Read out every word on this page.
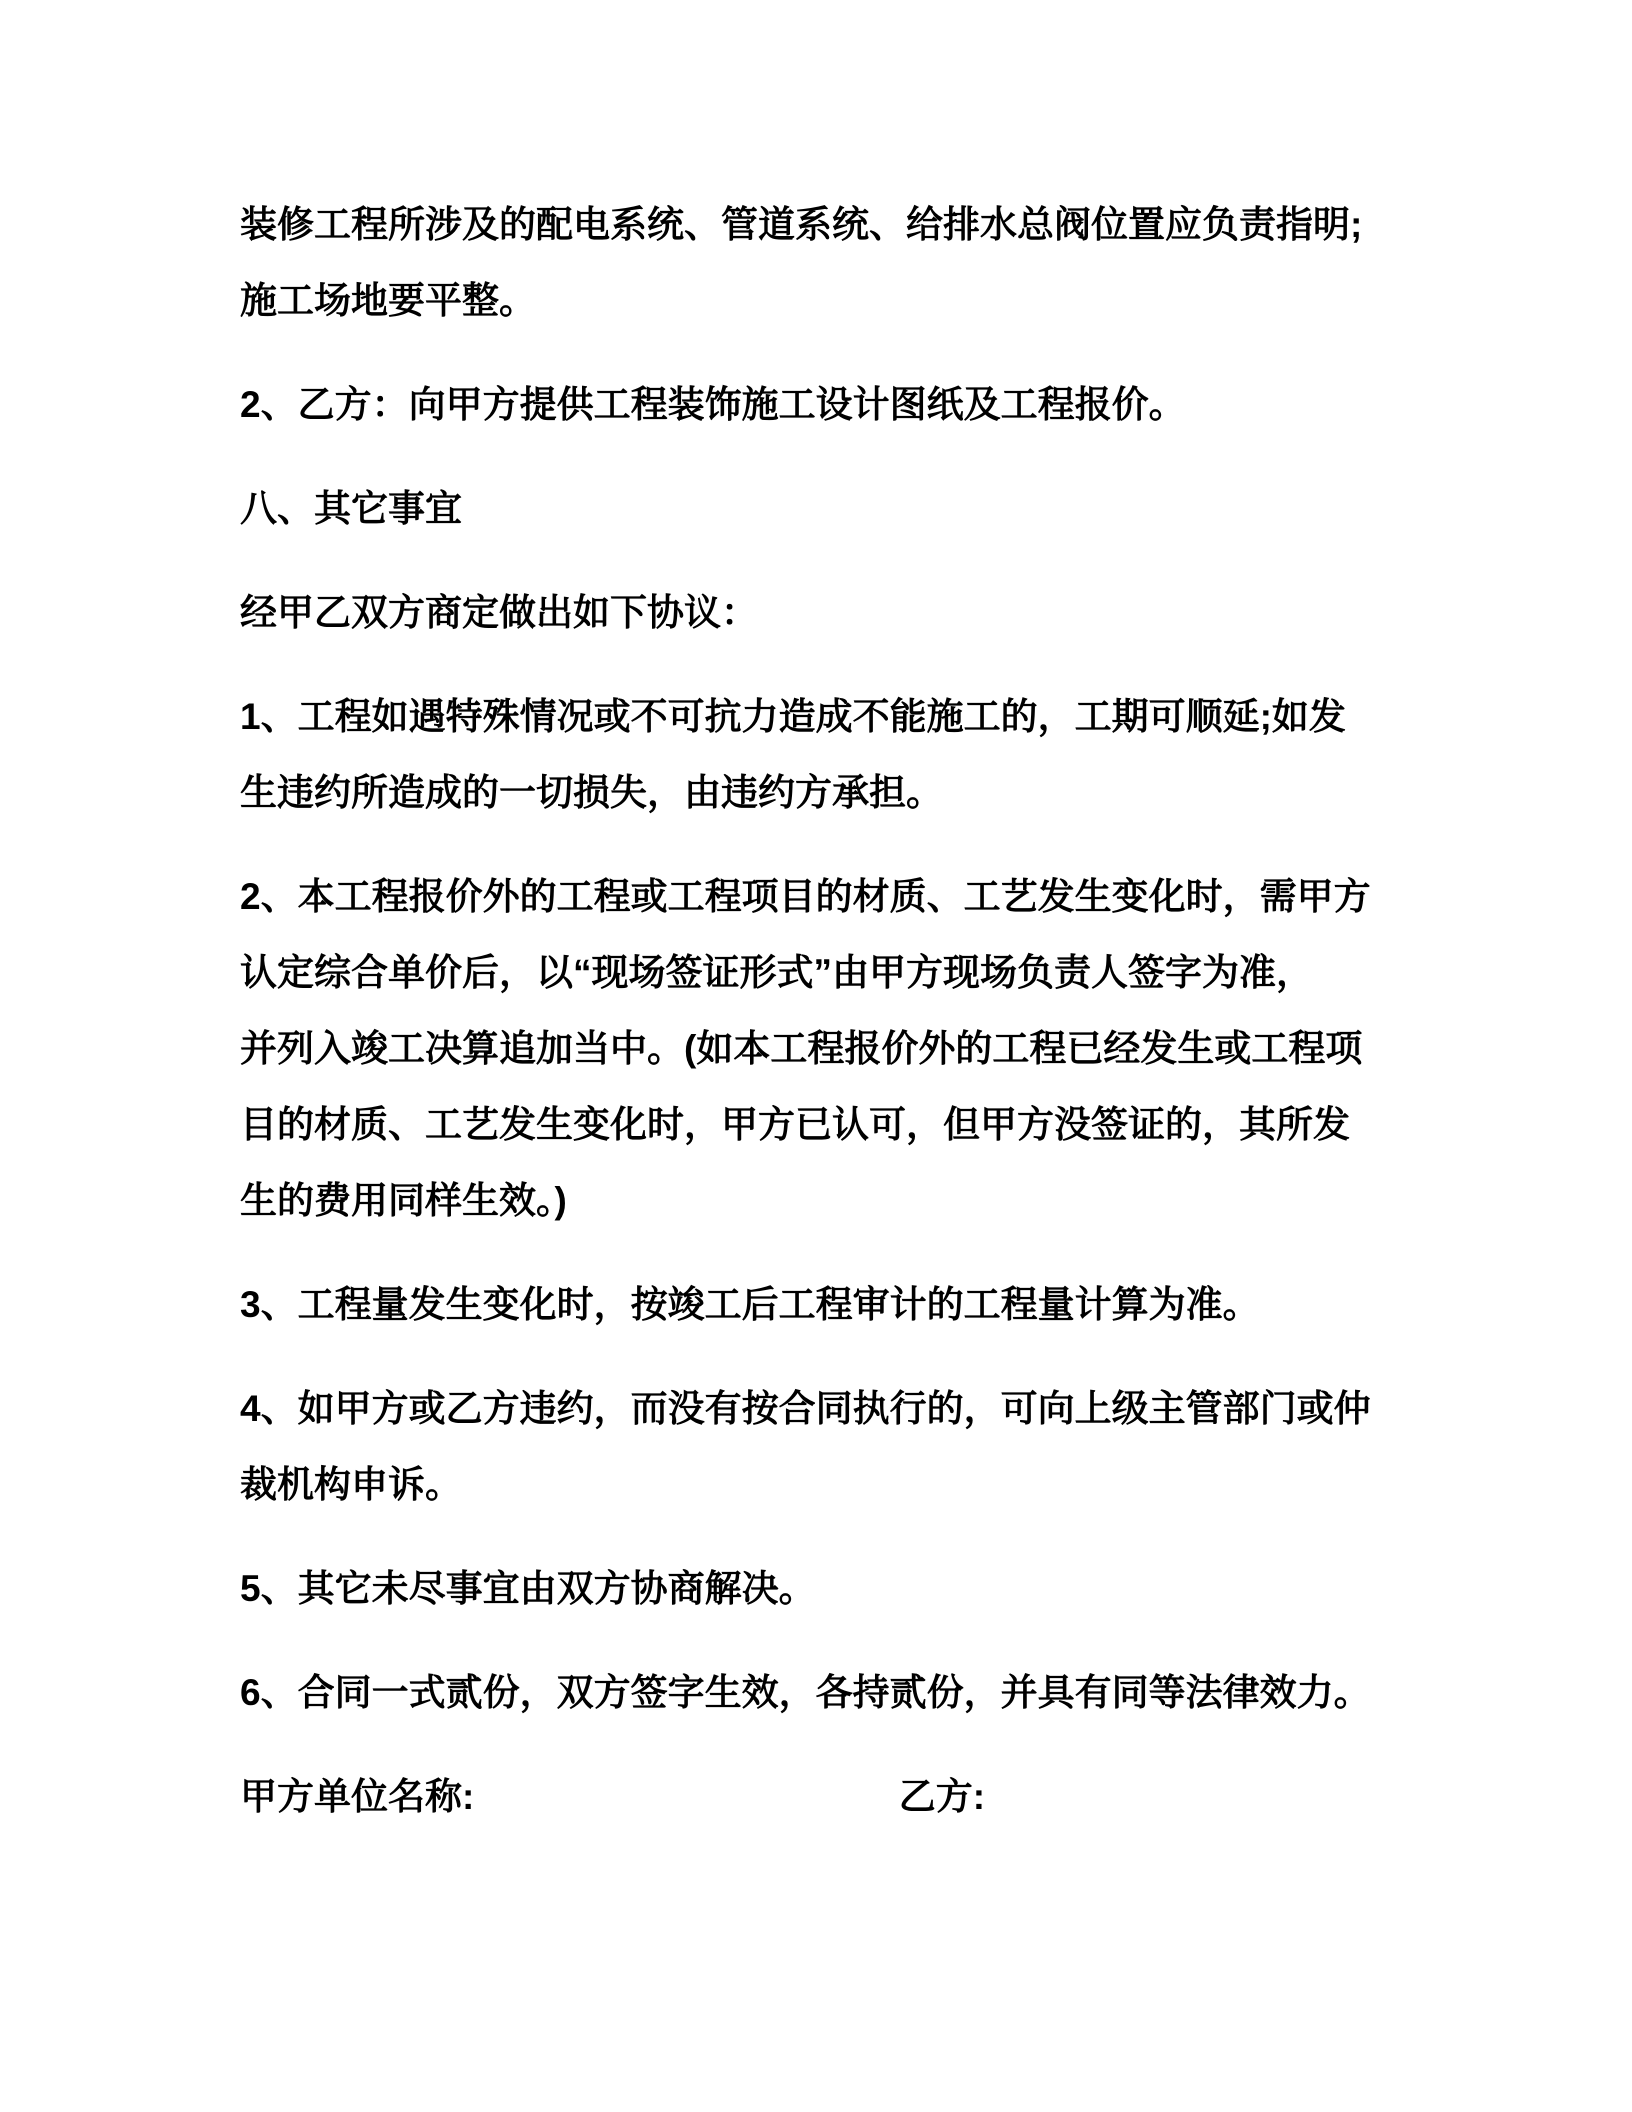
装修工程所涉及的配电系统、管道系统、给排水总阀位置应负责指明;
施工场地要平整。
2、乙方：向甲方提供工程装饰施工设计图纸及工程报价。
八、其它事宜
经甲乙双方商定做出如下协议：
1、工程如遇特殊情况或不可抗力造成不能施工的，工期可顺延;如发
生违约所造成的一切损失，由违约方承担。
2、本工程报价外的工程或工程项目的材质、工艺发生变化时，需甲方
认定综合单价后，以“现场签证形式”由甲方现场负责人签字为准，
并列入竣工决算追加当中。(如本工程报价外的工程已经发生或工程项
目的材质、工艺发生变化时，甲方已认可，但甲方没签证的，其所发
生的费用同样生效。)
3、工程量发生变化时，按竣工后工程审计的工程量计算为准。
4、如甲方或乙方违约，而没有按合同执行的，可向上级主管部门或仲
裁机构申诉。
5、其它未尽事宜由双方协商解决。
6、合同一式贰份，双方签字生效，各持贰份，并具有同等法律效力。
甲方单位名称:	乙方:
